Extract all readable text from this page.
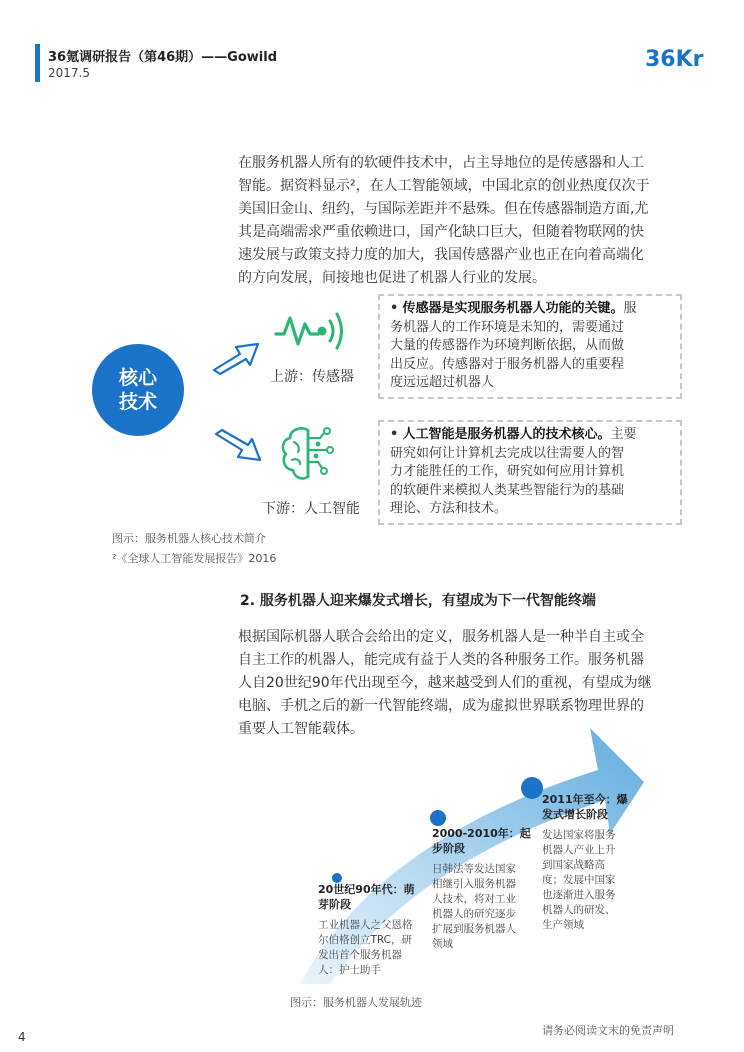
36氪调研报告（第46期）——Gowild
2017.5
36Kr

在服务机器人所有的软硬件技术中，占主导地位的是传感器和人工

智能。据资料显示²，在人工智能领域，中国北京的创业热度仅次于

美国旧金山、纽约，与国际差距并不悬殊。但在传感器制造方面,尤

其是高端需求严重依赖进口，国产化缺口巨大，但随着物联网的快

速发展与政策支持力度的加大，我国传感器产业也正在向着高端化

的方向发展，间接地也促进了机器人行业的发展。

核心
技术
上游：传感器
下游：人工智能

• 传感器是实现服务机器人功能的关键。服

务机器人的工作环境是未知的，需要通过

大量的传感器作为环境判断依据，从而做

出反应。传感器对于服务机器人的重要程

度远远超过机器人

• 人工智能是服务机器人的技术核心。主要

研究如何让计算机去完成以往需要人的智

力才能胜任的工作，研究如何应用计算机

的软硬件来模拟人类某些智能行为的基础

理论、方法和技术。

图示：服务机器人核心技术简介
²《全球人工智能发展报告》2016
2. 服务机器人迎来爆发式增长，有望成为下一代智能终端

根据国际机器人联合会给出的定义，服务机器人是一种半自主或全

自主工作的机器人，能完成有益于人类的各种服务工作。服务机器

人自20世纪90年代出现至今，越来越受到人们的重视，有望成为继

电脑、手机之后的新一代智能终端，成为虚拟世界联系物理世界的

重要人工智能载体。

20世纪90年代：萌

芽阶段

工业机器人之父恩格

尔伯格创立TRC，研

发出首个服务机器

人：护士助手

2000-2010年：起

步阶段

日韩法等发达国家

相继引入服务机器

人技术，将对工业

机器人的研究逐步

扩展到服务机器人

领域

2011年至今：爆

发式增长阶段

发达国家将服务

机器人产业上升

到国家战略高

度；发展中国家

也逐渐进入服务

机器人的研发、

生产领域

图示：服务机器人发展轨迹
请务必阅读文末的免责声明
4
